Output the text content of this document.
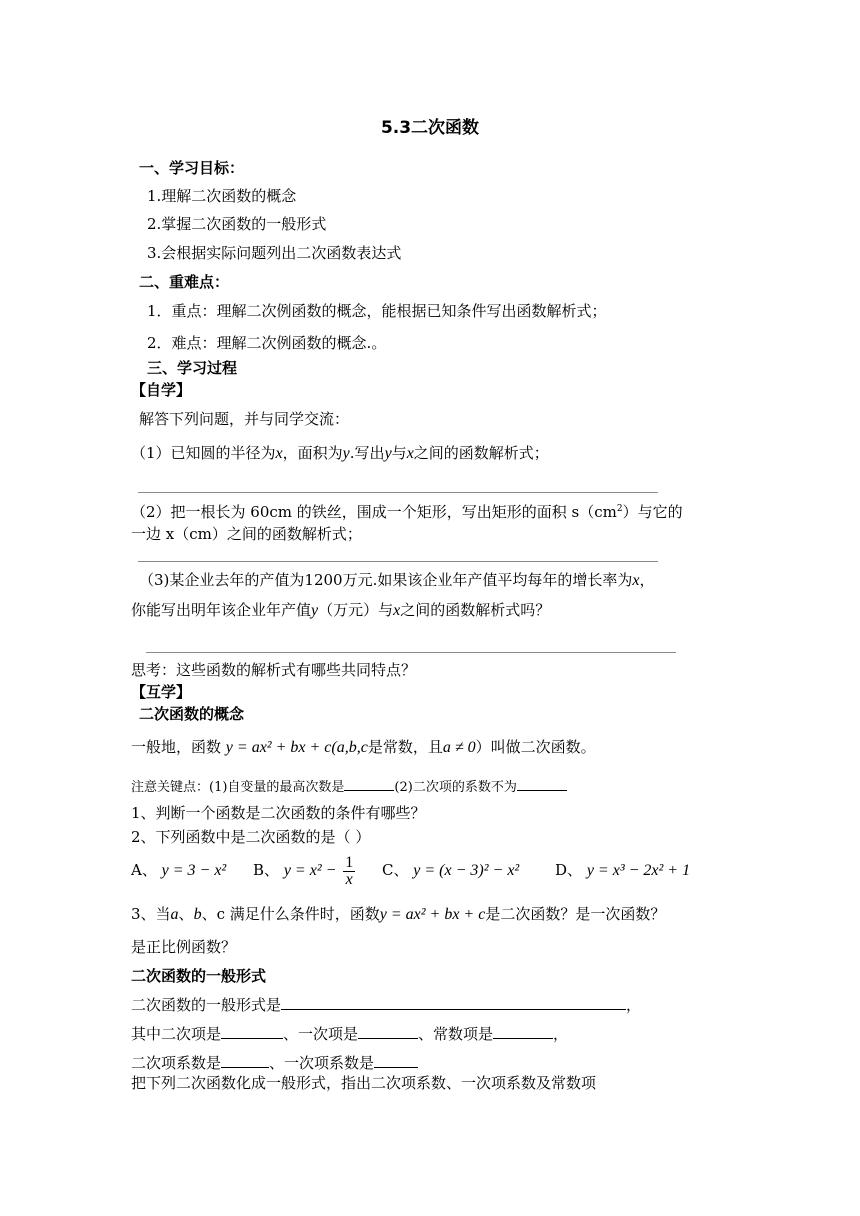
5.3二次函数
一、学习目标：
1.理解二次函数的概念
2.掌握二次函数的一般形式
3.会根据实际问题列出二次函数表达式
二、重难点：
1．重点：理解二次例函数的概念，能根据已知条件写出函数解析式；
2．难点：理解二次例函数的概念.。
三、学习过程
【自学】
解答下列问题，并与同学交流：
（1）已知圆的半径为x，面积为y.写出y与x之间的函数解析式；
（2）把一根长为 60cm 的铁丝，围成一个矩形，写出矩形的面积 $s(cm^2)$与它的
一边 x（cm）之间的函数解析式；
（3)某企业去年的产值为1200万元.如果该企业年产值平均每年的增长率为x，
你能写出明年该企业年产值y（万元）与x之间的函数解析式吗？
思考：这些函数的解析式有哪些共同特点？
【互学】
二次函数的概念
一般地，函数 y = ax² + bx + c(a,b,c是常数，且a ≠ 0）叫做二次函数。
注意关键点：(1)自变量的最高次数是	(2)二次项的系数不为
1、判断一个函数是二次函数的条件有哪些？
2、下列函数中是二次函数的是（ ）
A、 y = 3 − x² B、 $y = x^2 - \frac{1}{x}$ C、 y = (x − 3)² − x² D、 y = x³ − 2x² + 1
3、当a、b、c 满足什么条件时，函数y = ax² + bx + c是二次函数？是一次函数？
是正比例函数？
二次函数的一般形式
二次函数的一般形式是	，
其中二次项是	、一次项是	、常数项是	，
二次项系数是	、一次项系数是
把下列二次函数化成一般形式，指出二次项系数、一次项系数及常数项
